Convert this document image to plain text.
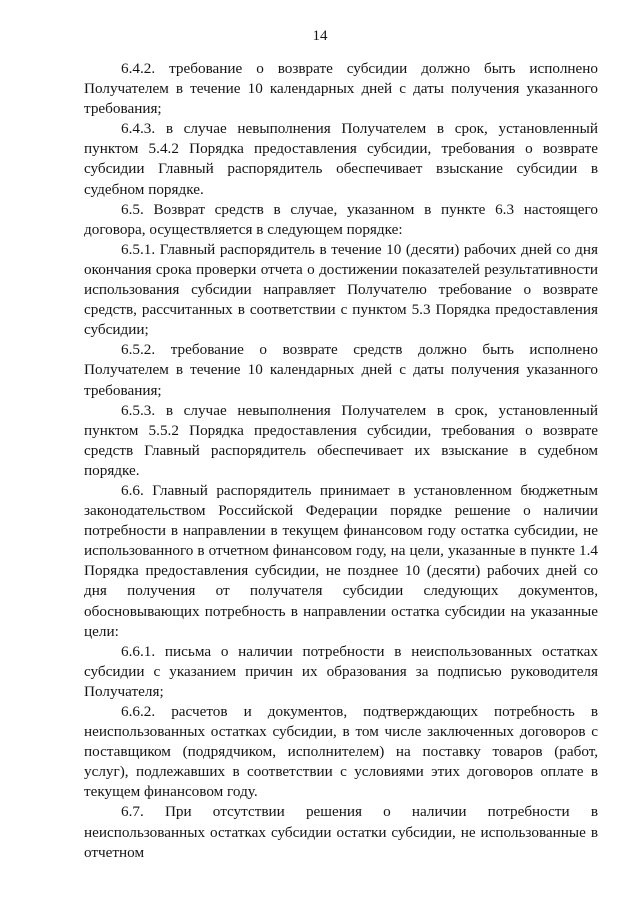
14

6.4.2. требование о возврате субсидии должно быть исполнено Получателем в течение 10 календарных дней с даты получения указанного требования;

6.4.3. в случае невыполнения Получателем в срок, установленный пунктом 5.4.2 Порядка предоставления субсидии, требования о возврате субсидии Главный распорядитель обеспечивает взыскание субсидии в судебном порядке.

6.5. Возврат средств в случае, указанном в пункте 6.3 настоящего договора, осуществляется в следующем порядке:

6.5.1. Главный распорядитель в течение 10 (десяти) рабочих дней со дня окончания срока проверки отчета о достижении показателей результативности использования субсидии направляет Получателю требование о возврате средств, рассчитанных в соответствии с пунктом 5.3 Порядка предоставления субсидии;

6.5.2. требование о возврате средств должно быть исполнено Получателем в течение 10 календарных дней с даты получения указанного требования;

6.5.3. в случае невыполнения Получателем в срок, установленный пунктом 5.5.2 Порядка предоставления субсидии, требования о возврате средств Главный распорядитель обеспечивает их взыскание в судебном порядке.

6.6. Главный распорядитель принимает в установленном бюджетным законодательством Российской Федерации порядке решение о наличии потребности в направлении в текущем финансовом году остатка субсидии, не использованного в отчетном финансовом году, на цели, указанные в пункте 1.4 Порядка предоставления субсидии, не позднее 10 (десяти) рабочих дней со дня получения от получателя субсидии следующих документов, обосновывающих потребность в направлении остатка субсидии на указанные цели:

6.6.1. письма о наличии потребности в неиспользованных остатках субсидии с указанием причин их образования за подписью руководителя Получателя;

6.6.2. расчетов и документов, подтверждающих потребность в неиспользованных остатках субсидии, в том числе заключенных договоров с поставщиком (подрядчиком, исполнителем) на поставку товаров (работ, услуг), подлежавших в соответствии с условиями этих договоров оплате в текущем финансовом году.

6.7. При отсутствии решения о наличии потребности в неиспользованных остатках субсидии остатки субсидии, не использованные в отчетном
